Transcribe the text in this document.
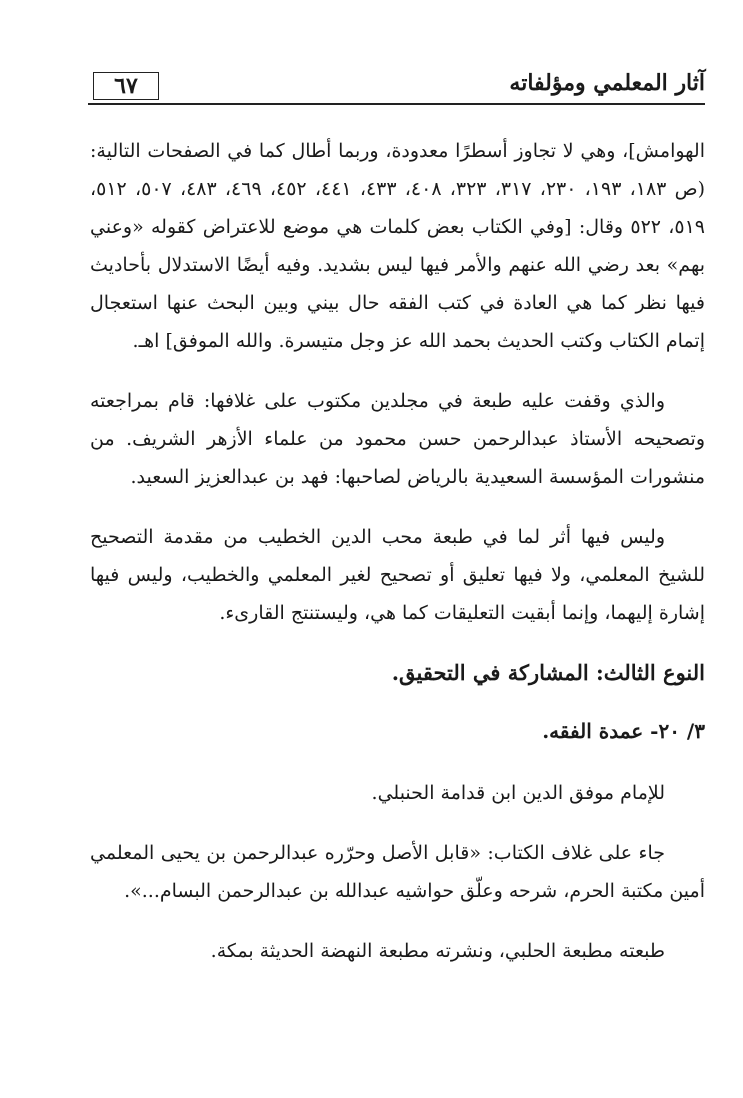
٦٧	آثار المعلمي ومؤلفاته

الهوامش]، وهي لا تجاوز أسطرًا معدودة، وربما أطال كما في الصفحات التالية: (ص ١٨٣، ١٩٣، ٢٣٠، ٣١٧، ٣٢٣، ٤٠٨، ٤٣٣، ٤٤١، ٤٥٢، ٤٦٩، ٤٨٣، ٥٠٧، ٥١٢، ٥١٩، ٥٢٢ وقال: [وفي الكتاب بعض كلمات هي موضع للاعتراض كقوله «وعني بهم» بعد رضي الله عنهم والأمر فيها ليس بشديد. وفيه أيضًا الاستدلال بأحاديث فيها نظر كما هي العادة في كتب الفقه حال بيني وبين البحث عنها استعجال إتمام الكتاب وكتب الحديث بحمد الله عز وجل متيسرة. والله الموفق] اهـ.

والذي وقفت عليه طبعة في مجلدين مكتوب على غلافها: قام بمراجعته وتصحيحه الأستاذ عبدالرحمن حسن محمود من علماء الأزهر الشريف. من منشورات المؤسسة السعيدية بالرياض لصاحبها: فهد بن عبدالعزيز السعيد.

وليس فيها أثر لما في طبعة محب الدين الخطيب من مقدمة التصحيح للشيخ المعلمي، ولا فيها تعليق أو تصحيح لغير المعلمي والخطيب، وليس فيها إشارة إليهما، وإنما أبقيت التعليقات كما هي، وليستنتج القارىء.

النوع الثالث: المشاركة في التحقيق.
٣/ ٢٠- عمدة الفقه.

للإمام موفق الدين ابن قدامة الحنبلي.

جاء على غلاف الكتاب: «قابل الأصل وحرّره عبدالرحمن بن يحيى المعلمي أمين مكتبة الحرم، شرحه وعلّق حواشيه عبدالله بن عبدالرحمن البسام...».

طبعته مطبعة الحلبي، ونشرته مطبعة النهضة الحديثة بمكة.
